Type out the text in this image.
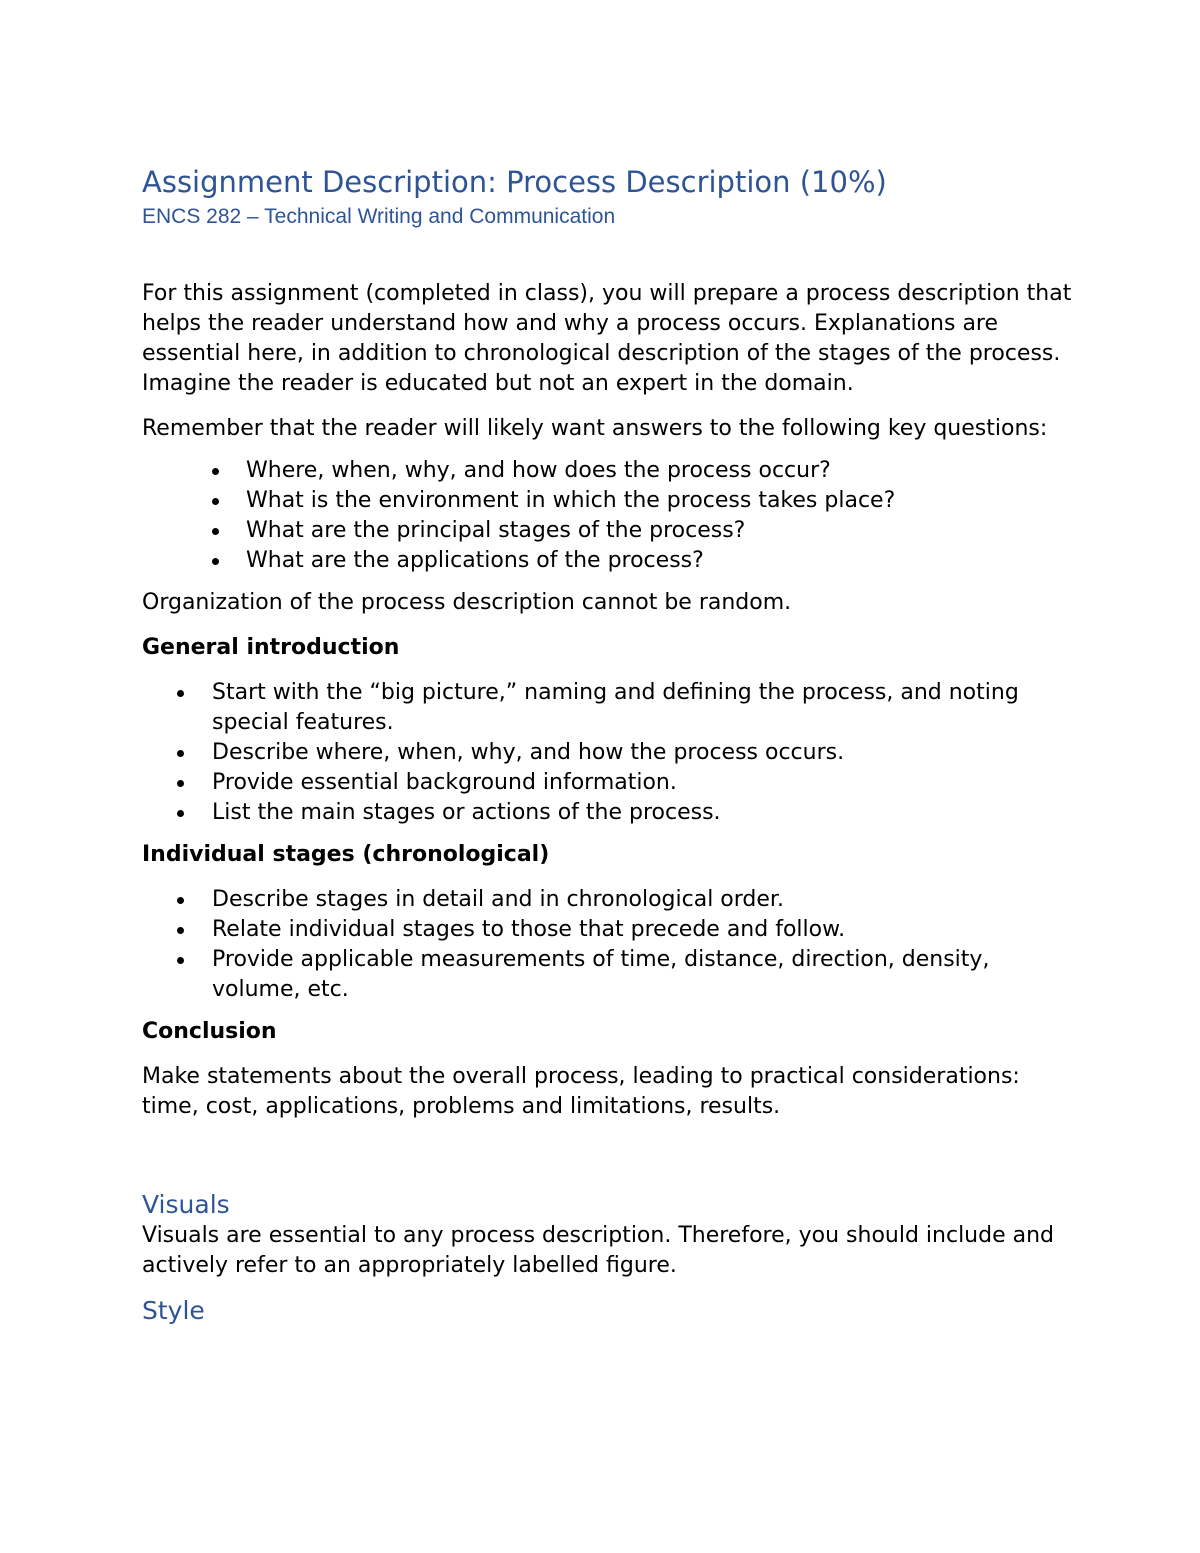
Assignment Description: Process Description (10%)
ENCS 282 – Technical Writing and Communication

For this assignment (completed in class), you will prepare a process description that helps the reader understand how and why a process occurs. Explanations are essential here, in addition to chronological description of the stages of the process. Imagine the reader is educated but not an expert in the domain.

Remember that the reader will likely want answers to the following key questions:

Where, when, why, and how does the process occur?
What is the environment in which the process takes place?
What are the principal stages of the process?
What are the applications of the process?

Organization of the process description cannot be random.

General introduction
Start with the “big picture,” naming and defining the process, and noting special features.
Describe where, when, why, and how the process occurs.
Provide essential background information.
List the main stages or actions of the process.
Individual stages (chronological)
Describe stages in detail and in chronological order.
Relate individual stages to those that precede and follow.
Provide applicable measurements of time, distance, direction, density, volume, etc.
Conclusion

Make statements about the overall process, leading to practical considerations: time, cost, applications, problems and limitations, results.

Visuals

Visuals are essential to any process description. Therefore, you should include and actively refer to an appropriately labelled figure.

Style
